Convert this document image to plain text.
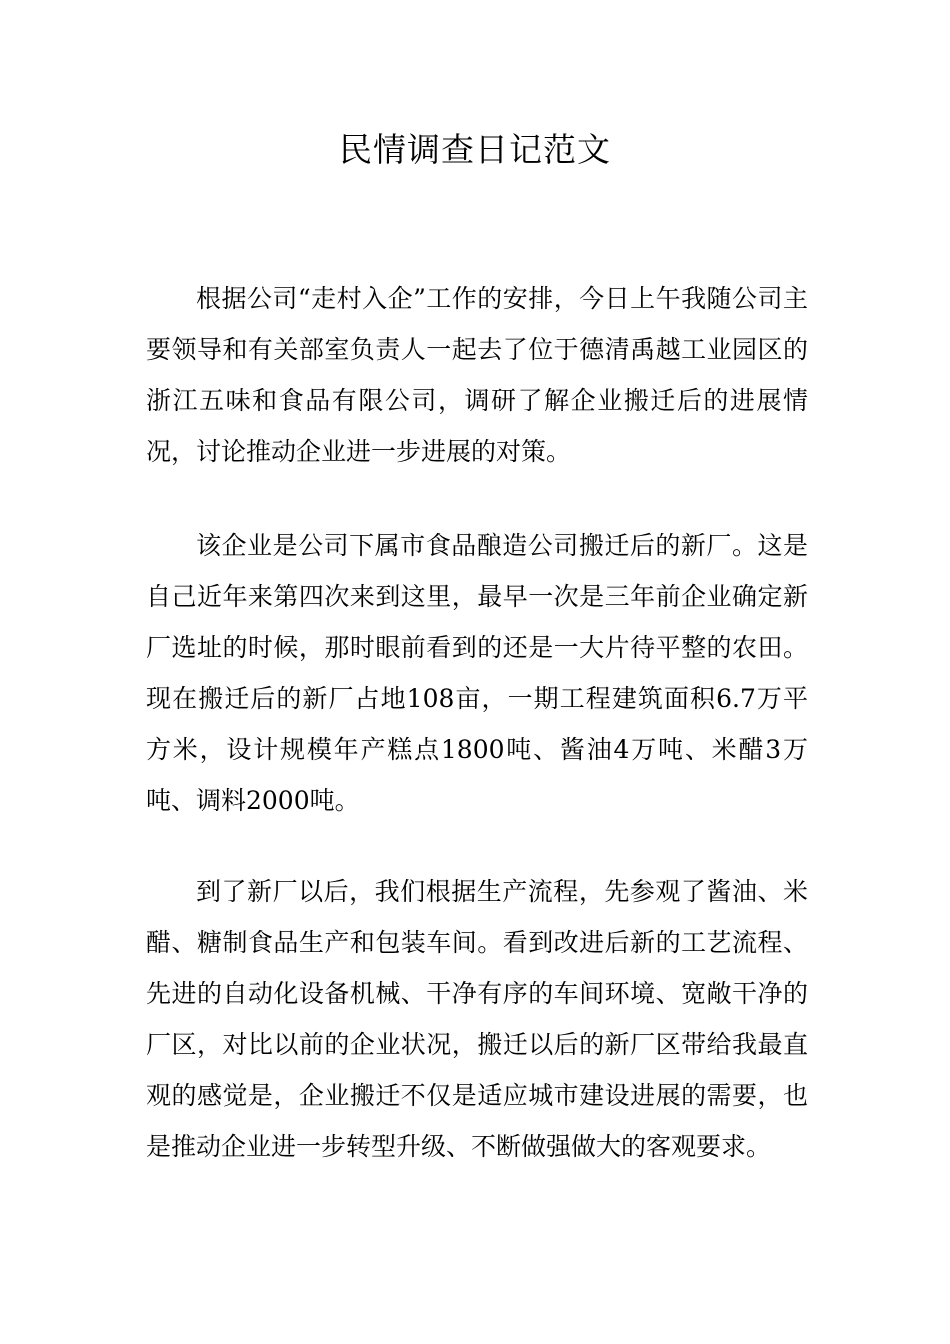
民情调查日记范文

根据公司“走村入企”工作的安排，今日上午我随公司主要领导和有关部室负责人一起去了位于德清禹越工业园区的浙江五味和食品有限公司，调研了解企业搬迁后的进展情况，讨论推动企业进一步进展的对策。

该企业是公司下属市食品酿造公司搬迁后的新厂。这是自己近年来第四次来到这里，最早一次是三年前企业确定新厂选址的时候，那时眼前看到的还是一大片待平整的农田。现在搬迁后的新厂占地108亩，一期工程建筑面积6.7万平方米，设计规模年产糕点1800吨、酱油4万吨、米醋3万吨、调料2000吨。

到了新厂以后，我们根据生产流程，先参观了酱油、米醋、糖制食品生产和包装车间。看到改进后新的工艺流程、先进的自动化设备机械、干净有序的车间环境、宽敞干净的厂区，对比以前的企业状况，搬迁以后的新厂区带给我最直观的感觉是，企业搬迁不仅是适应城市建设进展的需要，也是推动企业进一步转型升级、不断做强做大的客观要求。
